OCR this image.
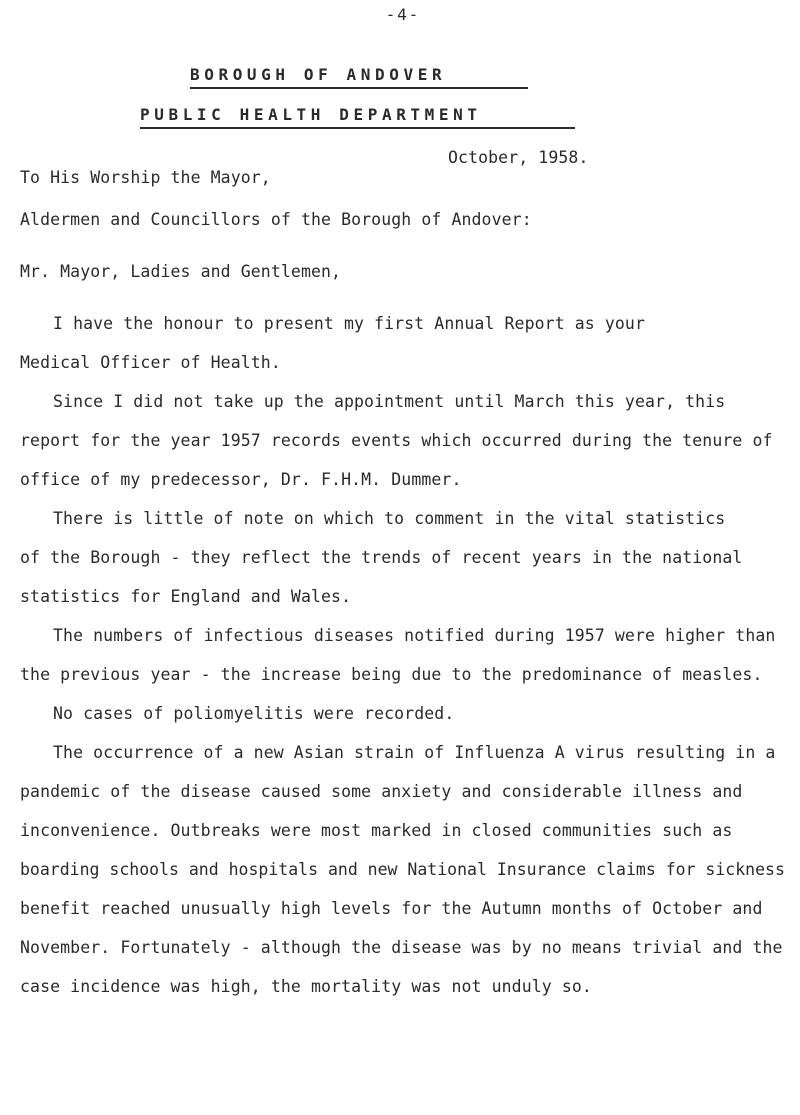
- 4 -
BOROUGH OF ANDOVER
PUBLIC HEALTH DEPARTMENT
October, 1958.
To His Worship the Mayor,
Aldermen and Councillors of the Borough of Andover:
Mr. Mayor, Ladies and Gentlemen,
I have the honour to present my first Annual Report as your
Medical Officer of Health.
Since I did not take up the appointment until March this year, this
report for the year 1957 records events which occurred during the tenure of
office of my predecessor, Dr. F.H.M. Dummer.
There is little of note on which to comment in the vital statistics
of the Borough - they reflect the trends of recent years in the national
statistics for England and Wales.
The numbers of infectious diseases notified during 1957 were higher than
the previous year - the increase being due to the predominance of measles.
No cases of poliomyelitis were recorded.
The occurrence of a new Asian strain of Influenza A virus resulting in a
pandemic of the disease caused some anxiety and considerable illness and
inconvenience. Outbreaks were most marked in closed communities such as
boarding schools and hospitals and new National Insurance claims for sickness
benefit reached unusually high levels for the Autumn months of October and
November. Fortunately - although the disease was by no means trivial and the
case incidence was high, the mortality was not unduly so.
